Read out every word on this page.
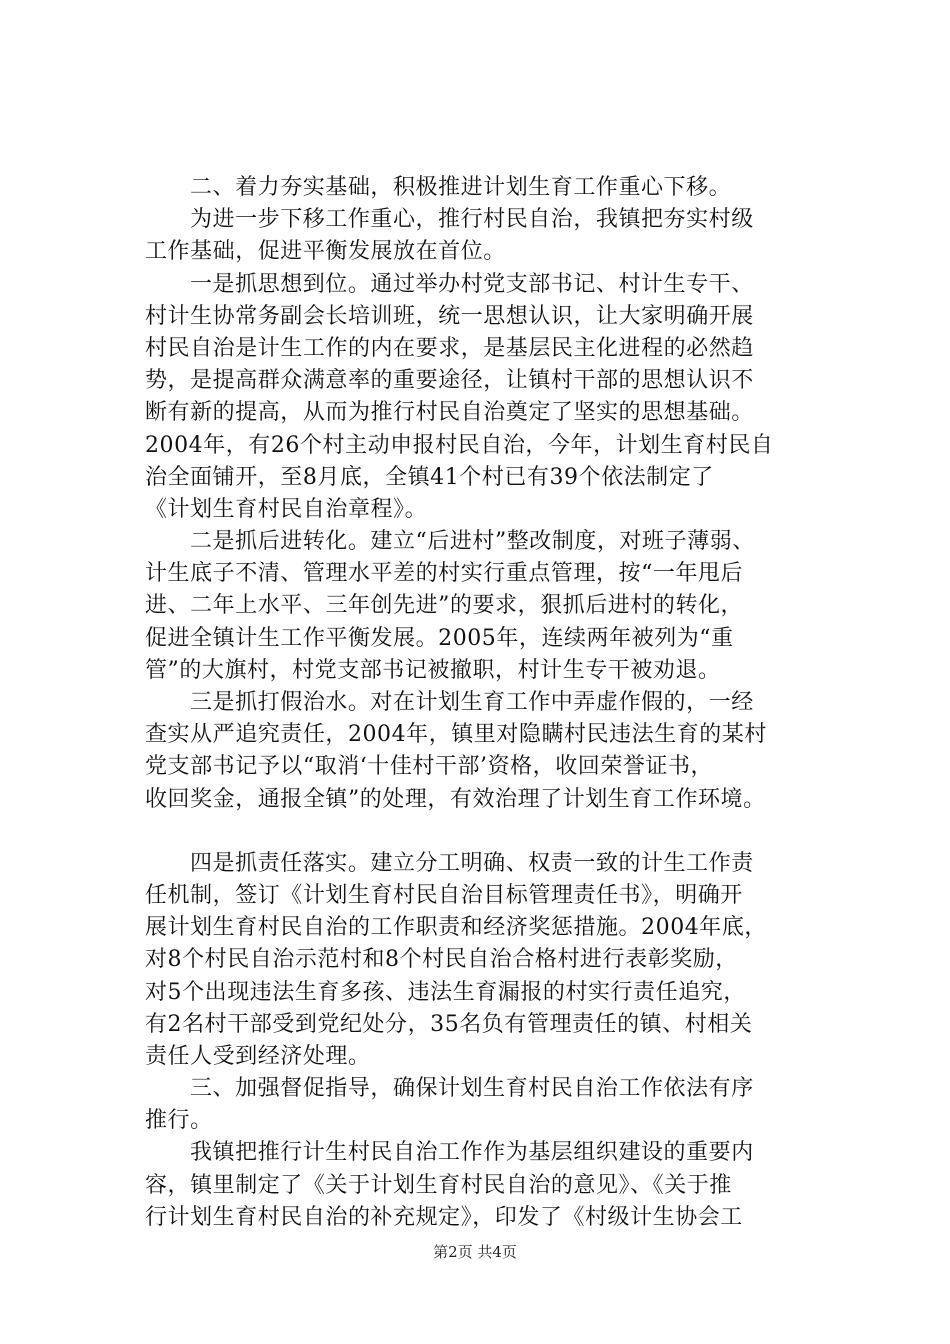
二、着力夯实基础，积极推进计划生育工作重心下移。
为进一步下移工作重心，推行村民自治，我镇把夯实村级
工作基础，促进平衡发展放在首位。
一是抓思想到位。通过举办村党支部书记、村计生专干、
村计生协常务副会长培训班，统一思想认识，让大家明确开展
村民自治是计生工作的内在要求，是基层民主化进程的必然趋
势，是提高群众满意率的重要途径，让镇村干部的思想认识不
断有新的提高，从而为推行村民自治奠定了坚实的思想基础。
2004年，有26个村主动申报村民自治，今年，计划生育村民自
治全面铺开，至8月底，全镇41个村已有39个依法制定了
《计划生育村民自治章程》。
二是抓后进转化。建立“后进村”整改制度，对班子薄弱、
计生底子不清、管理水平差的村实行重点管理，按“一年甩后
进、二年上水平、三年创先进”的要求，狠抓后进村的转化，
促进全镇计生工作平衡发展。2005年，连续两年被列为“重
管”的大旗村，村党支部书记被撤职，村计生专干被劝退。
三是抓打假治水。对在计划生育工作中弄虚作假的，一经
查实从严追究责任，2004年，镇里对隐瞒村民违法生育的某村
党支部书记予以“取消‘十佳村干部’资格，收回荣誉证书，
收回奖金，通报全镇”的处理，有效治理了计划生育工作环境。
四是抓责任落实。建立分工明确、权责一致的计生工作责
任机制，签订《计划生育村民自治目标管理责任书》，明确开
展计划生育村民自治的工作职责和经济奖惩措施。2004年底，
对8个村民自治示范村和8个村民自治合格村进行表彰奖励，
对5个出现违法生育多孩、违法生育漏报的村实行责任追究，
有2名村干部受到党纪处分，35名负有管理责任的镇、村相关
责任人受到经济处理。
三、加强督促指导，确保计划生育村民自治工作依法有序
推行。
我镇把推行计生村民自治工作作为基层组织建设的重要内
容，镇里制定了《关于计划生育村民自治的意见》、《关于推
行计划生育村民自治的补充规定》，印发了《村级计生协会工
第2页 共4页
